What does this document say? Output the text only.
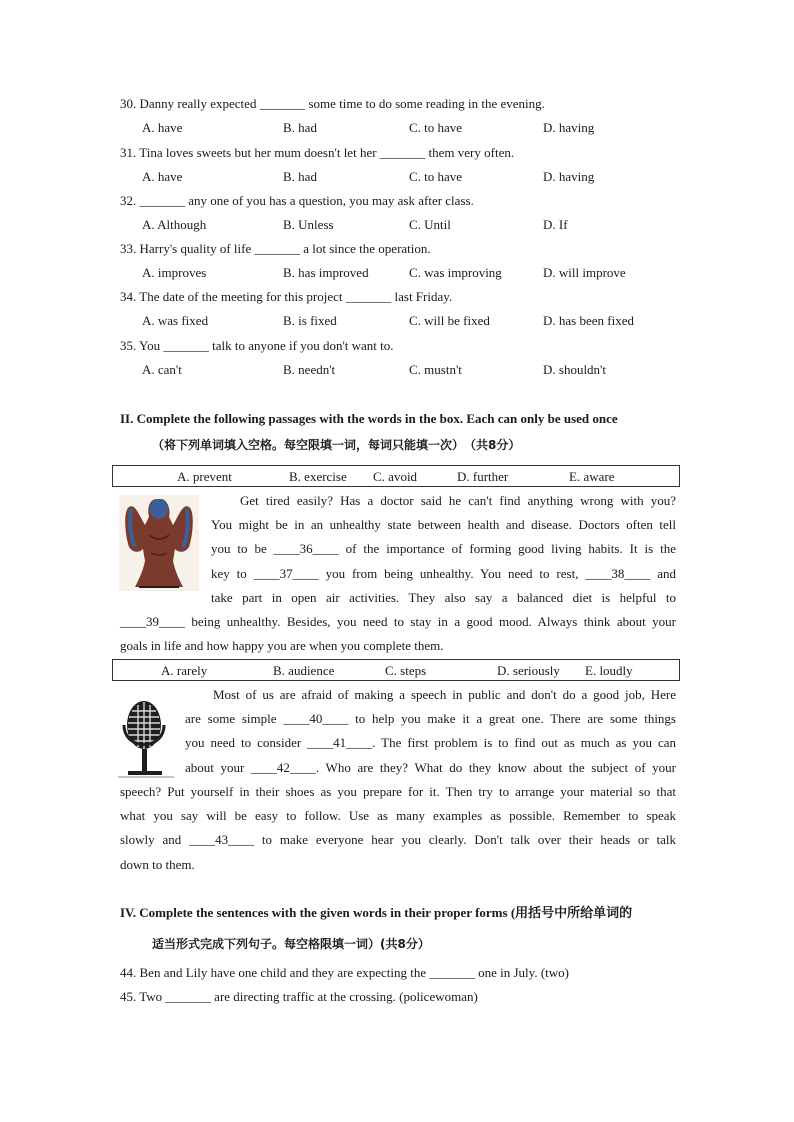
30. Danny really expected _______ some time to do some reading in the evening.
A. have	B. had	C. to have	D. having
31. Tina loves sweets but her mum doesn't let her _______ them very often.
A. have	B. had	C. to have	D. having
32. _______ any one of you has a question, you may ask after class.
A. Although	B. Unless	C. Until	D. If
33. Harry's quality of life _______ a lot since the operation.
A. improves	B. has improved	C. was improving	D. will improve
34. The date of the meeting for this project _______ last Friday.
A. was fixed	B. is fixed	C. will be fixed	D. has been fixed
35. You _______ talk to anyone if you don't want to.
A. can't	B. needn't	C. mustn't	D. shouldn't
II. Complete the following passages with the words in the box. Each can only be used once
（将下列单词填入空格。每空限填一词，每词只能填一次）　（共8分）
A. prevent	B. exercise C. avoid	D. further	E. aware
Get tired easily? Has a doctor said he can't find anything wrong with you?
You might be in an unhealthy state between health and disease. Doctors often tell
you to be ____36____ of the importance of forming good living habits. It is the
key to ____37____ you from being unhealthy. You need to rest, ____38____ and
take part in open air activities. They also say a balanced diet is helpful to
____39____ being unhealthy. Besides, you need to stay in a good mood. Always think about your
goals in life and how happy you are when you complete them.
A. rarely	B. audience	C. steps	D. seriously E. loudly
Most of us are afraid of making a speech in public and don't do a good job, Here
are some simple ____40____ to help you make it a great one. There are some things
you need to consider ____41____. The first problem is to find out as much as you can
about your ____42____. Who are they? What do they know about the subject of your
speech? Put yourself in their shoes as you prepare for it. Then try to arrange your material so that
what you say will be easy to follow. Use as many examples as possible. Remember to speak
slowly and ____43____ to make everyone hear you clearly. Don't talk over their heads or talk
down to them.
IV. Complete the sentences with the given words in their proper forms (用括号中所给单词的
适当形式完成下列句子。每空格限填一词）(共8分）
44. Ben and Lily have one child and they are expecting the _______ one in July. (two)
45. Two _______ are directing traffic at the crossing. (policewoman)
